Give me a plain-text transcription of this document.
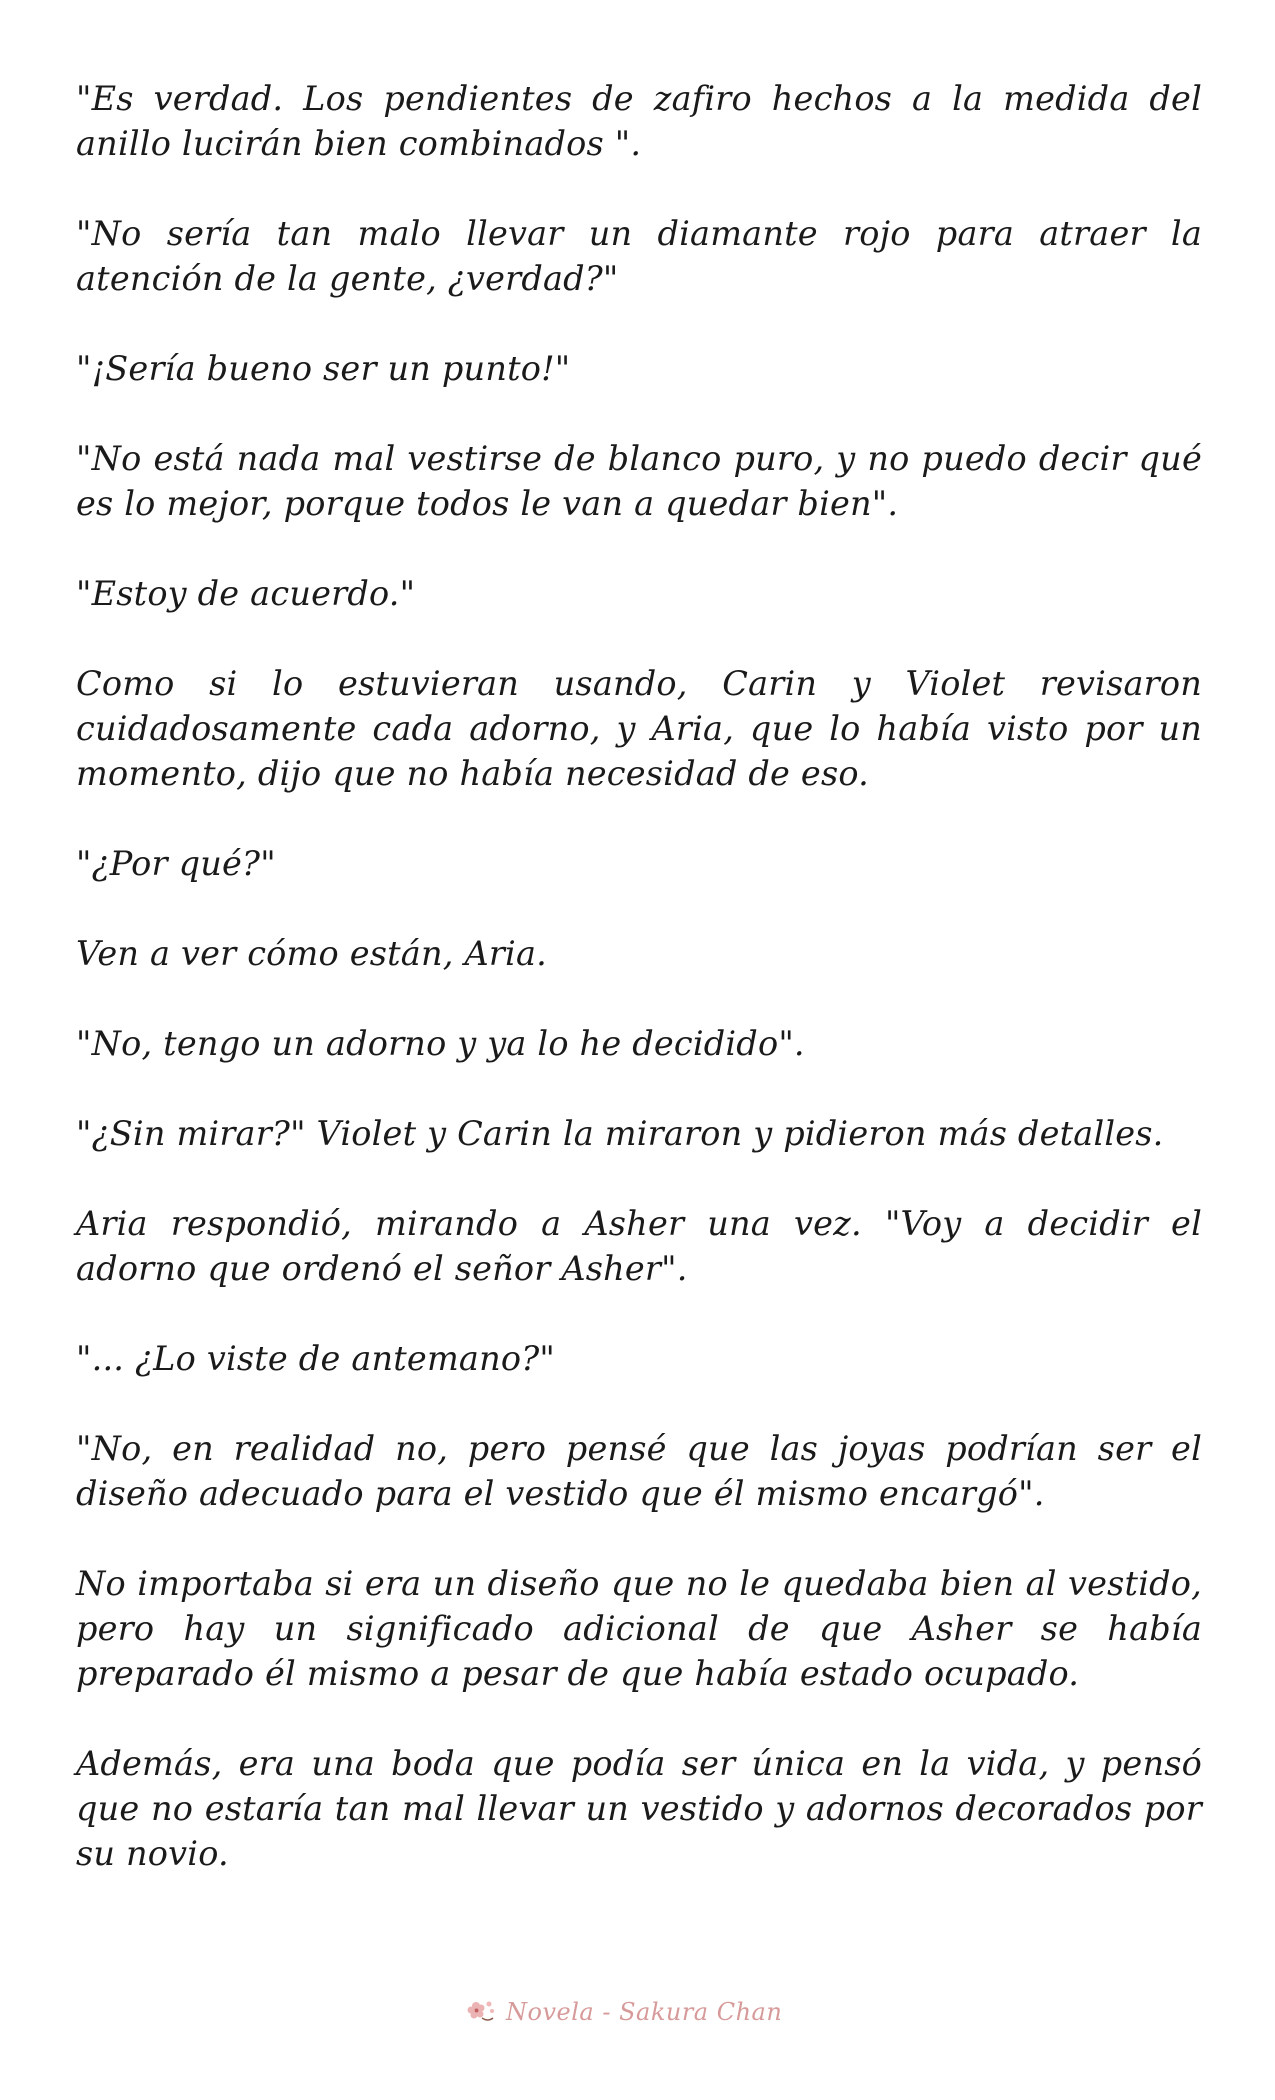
"Es verdad. Los pendientes de zafiro hechos a la medida del anillo lucirán bien combinados ".

"No sería tan malo llevar un diamante rojo para atraer la atención de la gente, ¿verdad?"

"¡Sería bueno ser un punto!"

"No está nada mal vestirse de blanco puro, y no puedo decir qué es lo mejor, porque todos le van a quedar bien".

"Estoy de acuerdo."

Como si lo estuvieran usando, Carin y Violet revisaron cuidadosamente cada adorno, y Aria, que lo había visto por un momento, dijo que no había necesidad de eso.

"¿Por qué?"

Ven a ver cómo están, Aria.

"No, tengo un adorno y ya lo he decidido".

"¿Sin mirar?" Violet y Carin la miraron y pidieron más detalles.

Aria respondió, mirando a Asher una vez. "Voy a decidir el adorno que ordenó el señor Asher".

"... ¿Lo viste de antemano?"

"No, en realidad no, pero pensé que las joyas podrían ser el diseño adecuado para el vestido que él mismo encargó".

No importaba si era un diseño que no le quedaba bien al vestido, pero hay un significado adicional de que Asher se había preparado él mismo a pesar de que había estado ocupado.

Además, era una boda que podía ser única en la vida, y pensó que no estaría tan mal llevar un vestido y adornos decorados por su novio.

Novela - Sakura Chan
